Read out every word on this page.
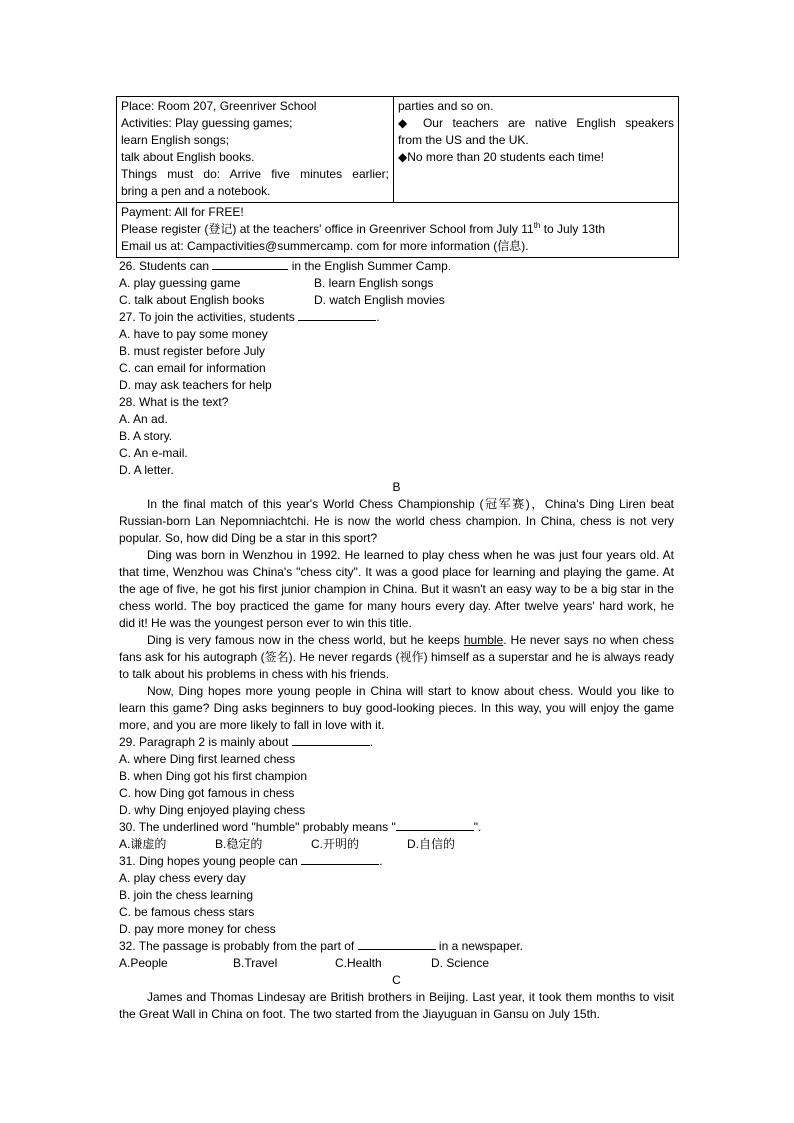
Place: Room 207, Greenriver School
Activities: Play guessing games;
learn English songs;
talk about English books.
Things must do: Arrive five minutes earlier;
bring a pen and a notebook.

parties and so on.
◆ Our teachers are native English speakers
from the US and the UK.
◆No more than 20 students each time!

Payment: All for FREE!
Please register (登记) at the teachers' office in Greenriver School from July 11th to July 13th
Email us at: Campactivities@summercamp. com for more information (信息).
26. Students can	in the English Summer Camp.
A. play guessing game	B. learn English songs
C. talk about English books	D. watch English movies
27. To join the activities, students	.
A. have to pay some money
B. must register before July
C. can email for information
D. may ask teachers for help
28. What is the text?
A. An ad.
B. A story.
C. An e-mail.
D. A letter.
B
In the final match of this year's World Chess Championship (冠军赛)，China's Ding Liren beat Russian-born Lan Nepomniachtchi. He is now the world chess champion. In China, chess is not very popular. So, how did Ding be a star in this sport?
Ding was born in Wenzhou in 1992. He learned to play chess when he was just four years old. At that time, Wenzhou was China's "chess city". It was a good place for learning and playing the game. At the age of five, he got his first junior champion in China. But it wasn't an easy way to be a big star in the chess world. The boy practiced the game for many hours every day. After twelve years' hard work, he did it! He was the youngest person ever to win this title.
Ding is very famous now in the chess world, but he keeps humble. He never says no when chess fans ask for his autograph (签名). He never regards (视作) himself as a superstar and he is always ready to talk about his problems in chess with his friends.
Now, Ding hopes more young people in China will start to know about chess. Would you like to learn this game? Ding asks beginners to buy good-looking pieces. In this way, you will enjoy the game more, and you are more likely to fall in love with it.
29. Paragraph 2 is mainly about	.
A. where Ding first learned chess
B. when Ding got his first champion
C. how Ding got famous in chess
D. why Ding enjoyed playing chess
30. The underlined word "humble" probably means "	".
A.谦虚的	B.稳定的	C.开明的	D.自信的
31. Ding hopes young people can	.
A. play chess every day
B. join the chess learning
C. be famous chess stars
D. pay more money for chess
32. The passage is probably from the part of	in a newspaper.
A.People	B.Travel	C.Health	D. Science
C
James and Thomas Lindesay are British brothers in Beijing. Last year, it took them months to visit the Great Wall in China on foot. The two started from the Jiayuguan in Gansu on July 15th.
